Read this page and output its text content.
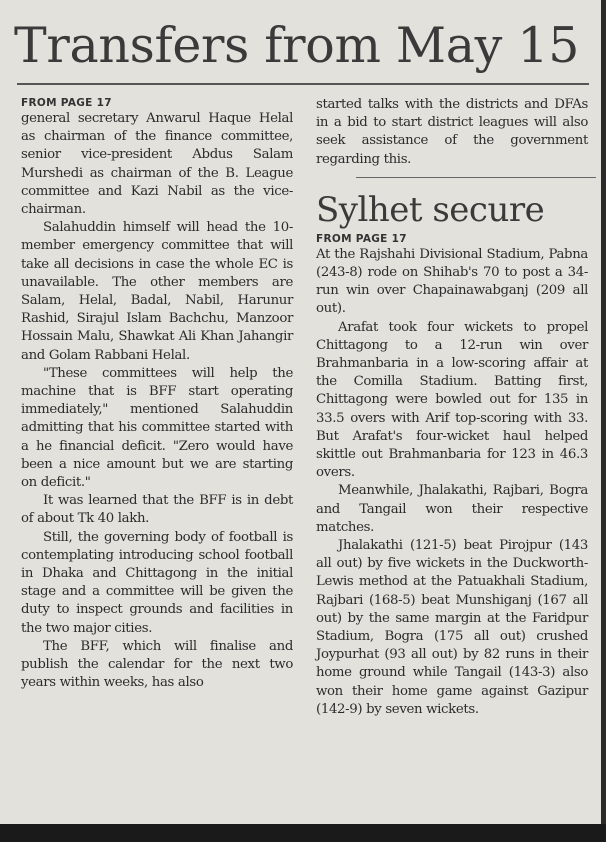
Transfers from May 15
FROM PAGE 17

general secretary Anwarul Haque Helal as chairman of the finance committee, senior vice-president Abdus Salam Murshedi as chairman of the B. League committee and Kazi Nabil as the vice-chairman.

Salahuddin himself will head the 10-member emergency committee that will take all decisions in case the whole EC is unavailable. The other members are Salam, Helal, Badal, Nabil, Harunur Rashid, Sirajul Islam Bachchu, Manzoor Hossain Malu, Shawkat Ali Khan Jahangir and Golam Rabbani Helal.

"These committees will help the machine that is BFF start operating immediately," mentioned Salahuddin admitting that his committee started with a he financial deficit. "Zero would have been a nice amount but we are starting on deficit."

It was learned that the BFF is in debt of about Tk 40 lakh.

Still, the governing body of football is contemplating introducing school football in Dhaka and Chittagong in the initial stage and a committee will be given the duty to inspect grounds and facilities in the two major cities.

The BFF, which will finalise and publish the calendar for the next two years within weeks, has also

started talks with the districts and DFAs in a bid to start district leagues will also seek assistance of the government regarding this.

Sylhet secure
FROM PAGE 17

At the Rajshahi Divisional Stadium, Pabna (243-8) rode on Shihab's 70 to post a 34-run win over Chapainawabganj (209 all out).

Arafat took four wickets to propel Chittagong to a 12-run win over Brahmanbaria in a low-scoring affair at the Comilla Stadium. Batting first, Chittagong were bowled out for 135 in 33.5 overs with Arif top-scoring with 33. But Arafat's four-wicket haul helped skittle out Brahmanbaria for 123 in 46.3 overs.

Meanwhile, Jhalakathi, Rajbari, Bogra and Tangail won their respective matches.

Jhalakathi (121-5) beat Pirojpur (143 all out) by five wickets in the Duckworth-Lewis method at the Patuakhali Stadium, Rajbari (168-5) beat Munshiganj (167 all out) by the same margin at the Faridpur Stadium, Bogra (175 all out) crushed Joypurhat (93 all out) by 82 runs in their home ground while Tangail (143-3) also won their home game against Gazipur (142-9) by seven wickets.
